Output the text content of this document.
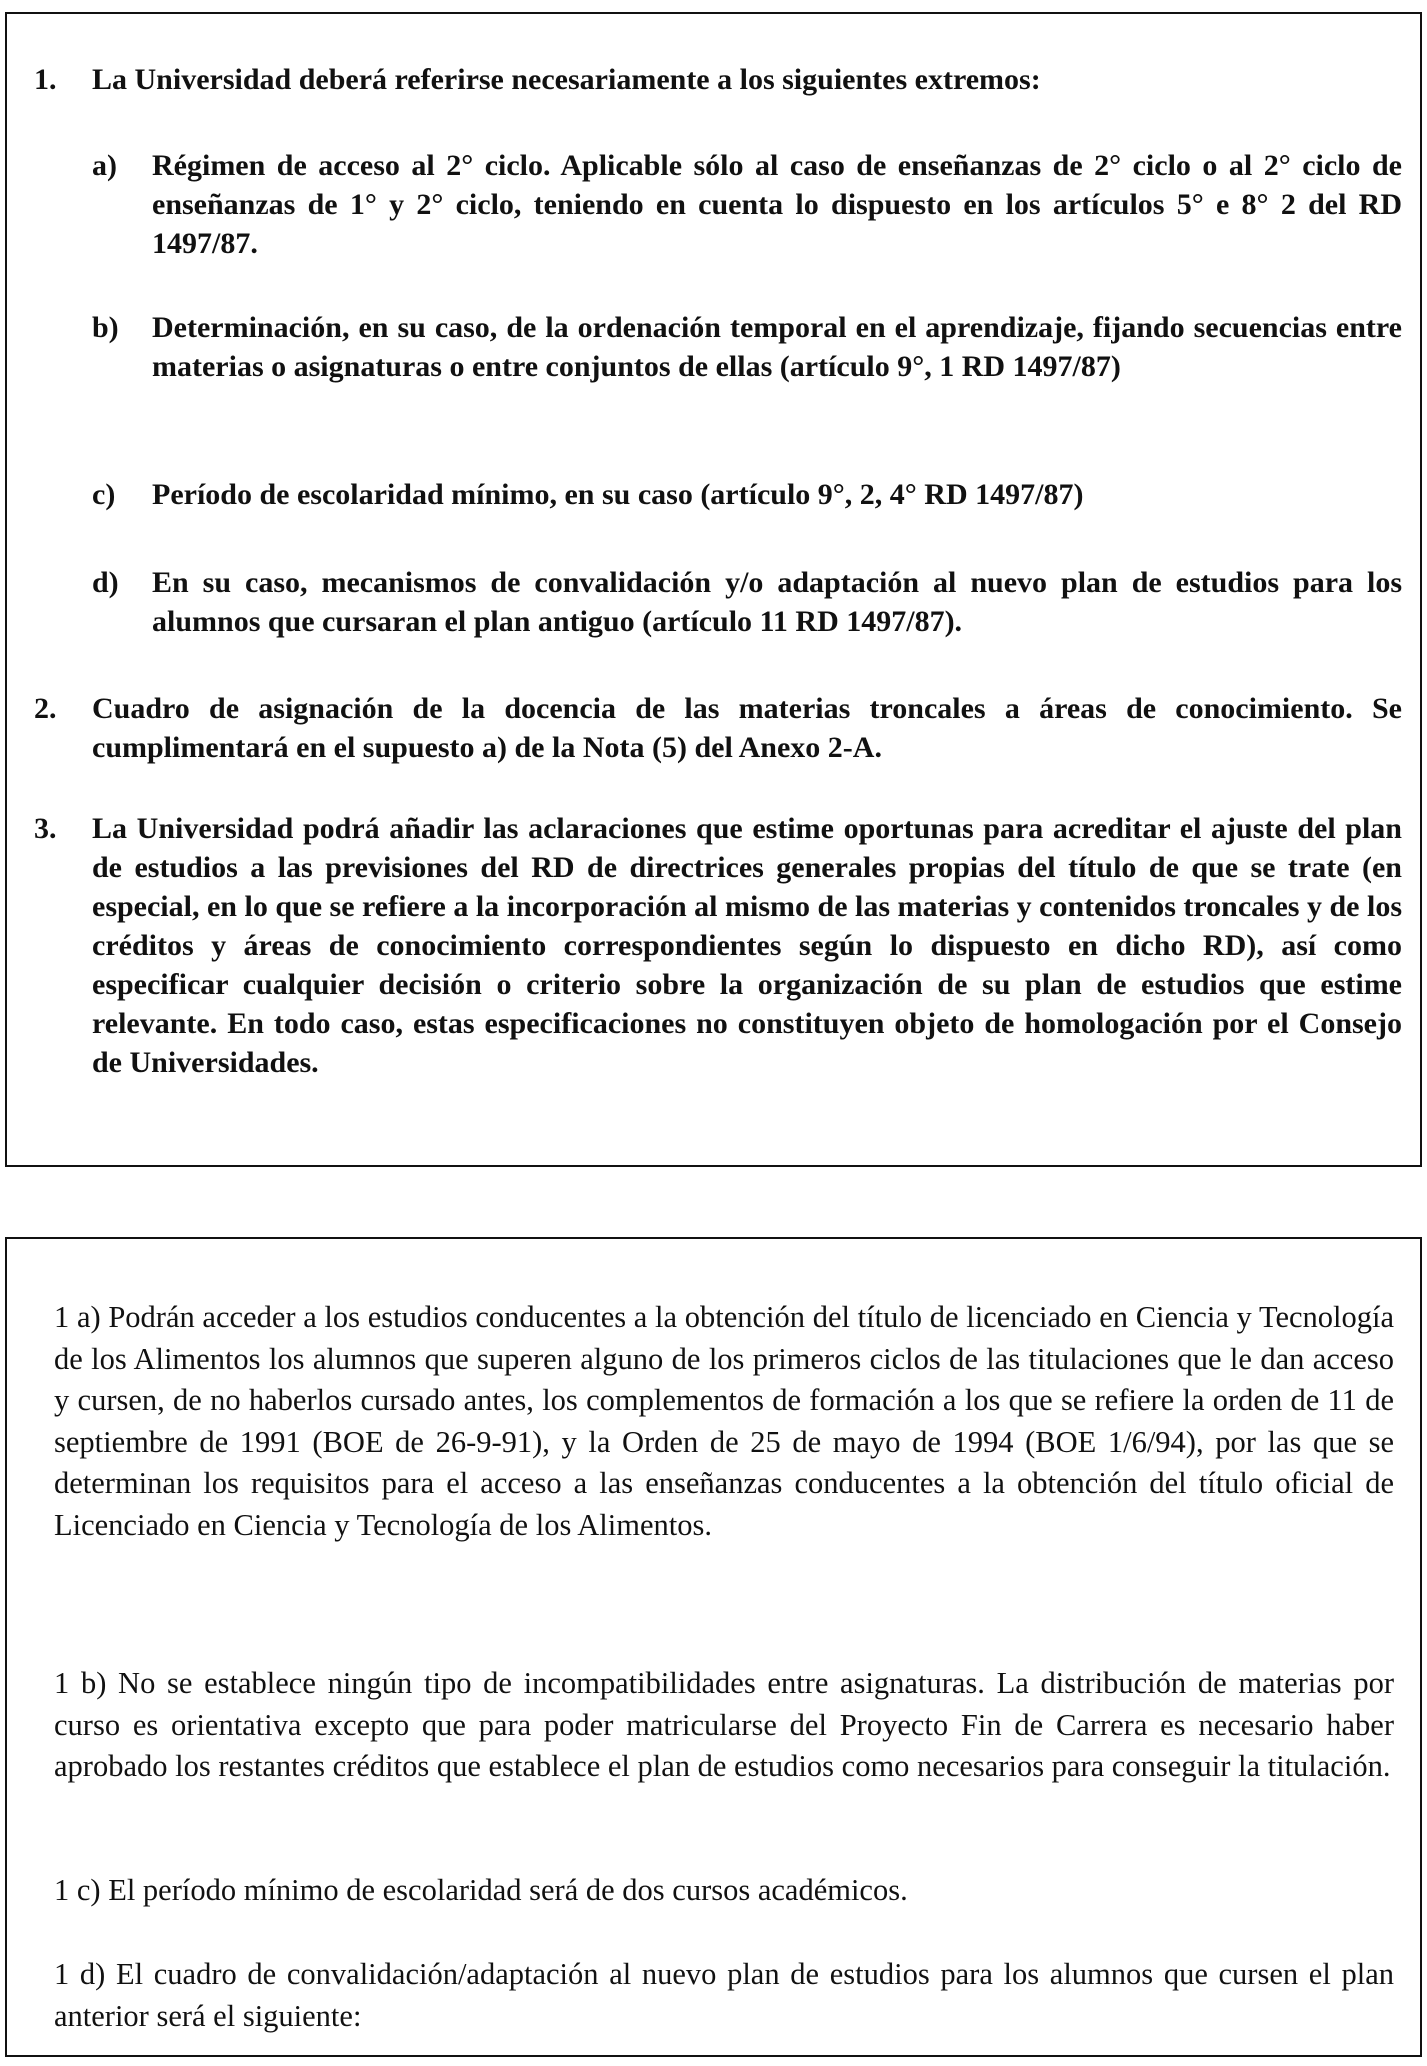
1. La Universidad deberá referirse necesariamente a los siguientes extremos:
a) Régimen de acceso al 2° ciclo. Aplicable sólo al caso de enseñanzas de 2° ciclo o al 2° ciclo de enseñanzas de 1° y 2° ciclo, teniendo en cuenta lo dispuesto en los artículos 5° e 8° 2 del RD 1497/87.
b) Determinación, en su caso, de la ordenación temporal en el aprendizaje, fijando secuencias entre materias o asignaturas o entre conjuntos de ellas (artículo 9°, 1 RD 1497/87)
c) Período de escolaridad mínimo, en su caso (artículo 9°, 2, 4° RD 1497/87)
d) En su caso, mecanismos de convalidación y/o adaptación al nuevo plan de estudios para los alumnos que cursaran el plan antiguo (artículo 11 RD 1497/87).
2. Cuadro de asignación de la docencia de las materias troncales a áreas de conocimiento. Se cumplimentará en el supuesto a) de la Nota (5) del Anexo 2-A.
3. La Universidad podrá añadir las aclaraciones que estime oportunas para acreditar el ajuste del plan de estudios a las previsiones del RD de directrices generales propias del título de que se trate (en especial, en lo que se refiere a la incorporación al mismo de las materias y contenidos troncales y de los créditos y áreas de conocimiento correspondientes según lo dispuesto en dicho RD), así como especificar cualquier decisión o criterio sobre la organización de su plan de estudios que estime relevante. En todo caso, estas especificaciones no constituyen objeto de homologación por el Consejo de Universidades.
1 a) Podrán acceder a los estudios conducentes a la obtención del título de licenciado en Ciencia y Tecnología de los Alimentos los alumnos que superen alguno de los primeros ciclos de las titulaciones que le dan acceso y cursen, de no haberlos cursado antes, los complementos de formación a los que se refiere la orden de 11 de septiembre de 1991 (BOE de 26-9-91), y la Orden de 25 de mayo de 1994 (BOE 1/6/94), por las que se determinan los requisitos para el acceso a las enseñanzas conducentes a la obtención del título oficial de Licenciado en Ciencia y Tecnología de los Alimentos.
1 b) No se establece ningún tipo de incompatibilidades entre asignaturas. La distribución de materias por curso es orientativa excepto que para poder matricularse del Proyecto Fin de Carrera es necesario haber aprobado los restantes créditos que establece el plan de estudios como necesarios para conseguir la titulación.
1 c) El período mínimo de escolaridad será de dos cursos académicos.
1 d) El cuadro de convalidación/adaptación al nuevo plan de estudios para los alumnos que cursen el plan anterior será el siguiente:
